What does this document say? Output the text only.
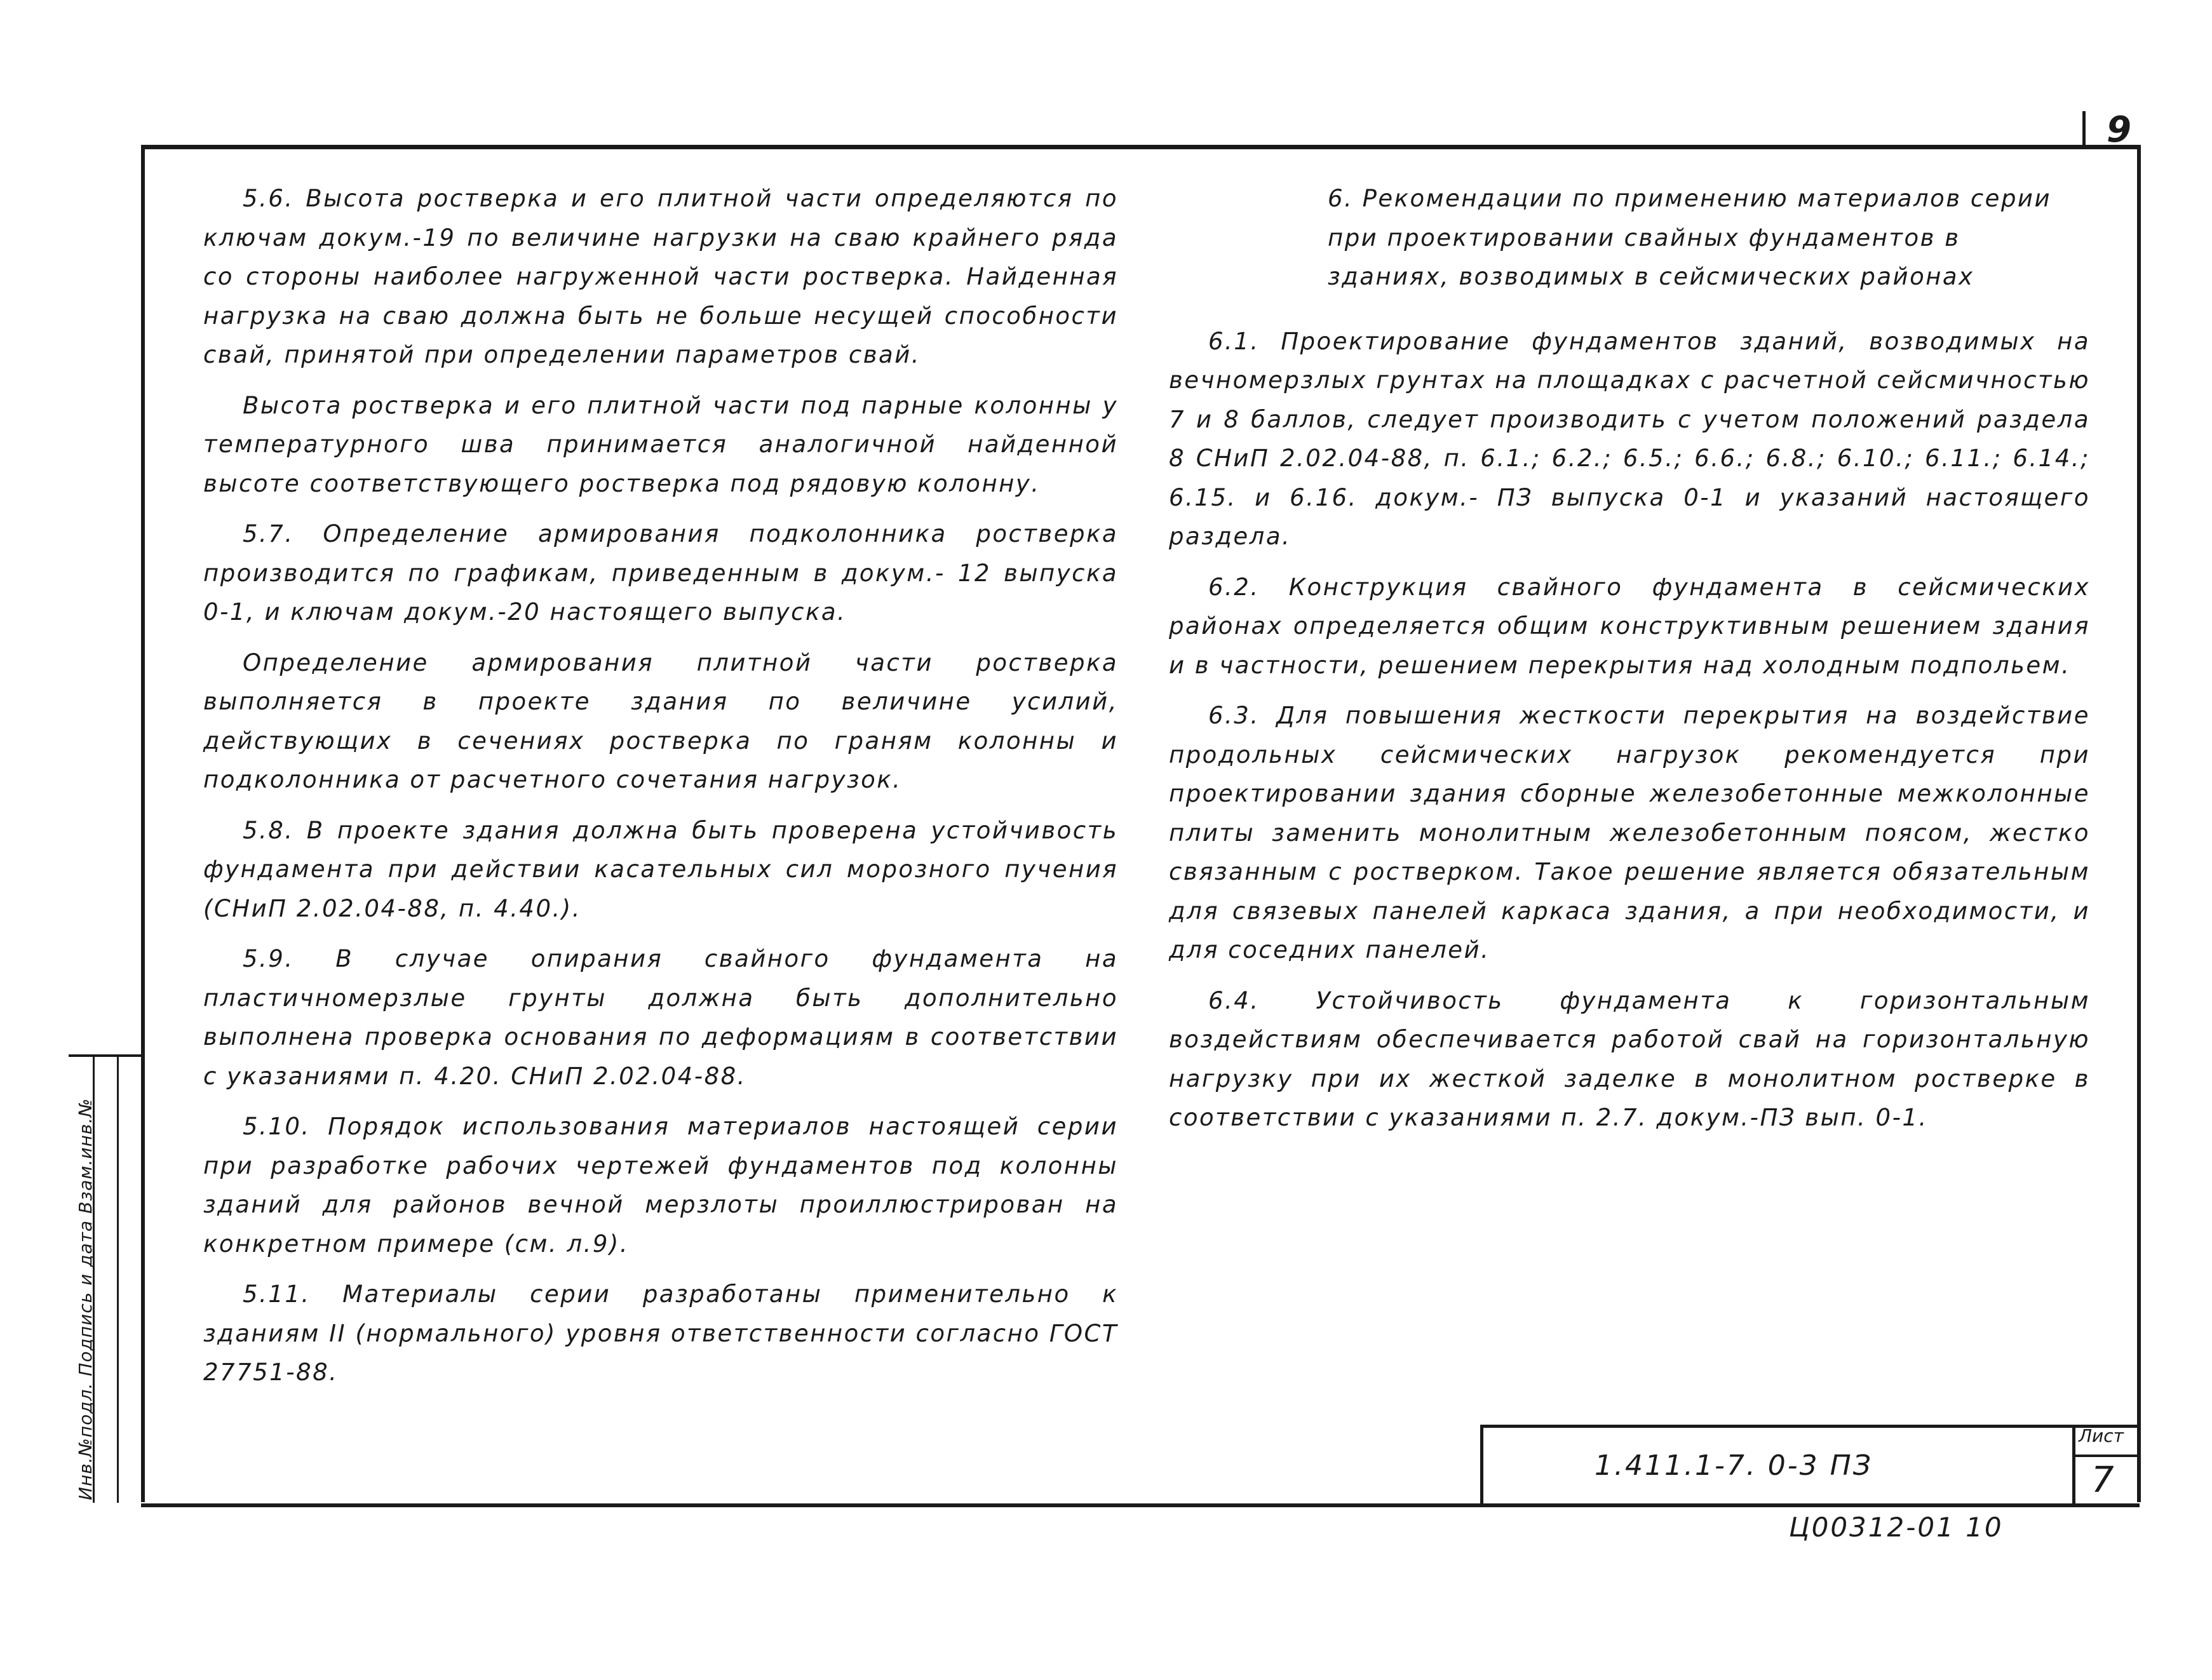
9
Инв.№подл. Подпись и дата Взам.инв.№

5.6. Высота ростверка и его плитной части определяются по ключам докум.-19 по величине нагрузки на сваю крайнего ряда со стороны наиболее нагруженной части ростверка. Найденная нагрузка на сваю должна быть не больше несущей способности свай, принятой при определении параметров свай.

Высота ростверка и его плитной части под парные колонны у температурного шва принимается аналогичной найденной высоте соответствующего ростверка под рядовую колонну.

5.7. Определение армирования подколонника ростверка производится по графикам, приведенным в докум.- 12 выпуска 0-1, и ключам докум.-20 настоящего выпуска.

Определение армирования плитной части ростверка выполняется в проекте здания по величине усилий, действующих в сечениях ростверка по граням колонны и подколонника от расчетного сочетания нагрузок.

5.8. В проекте здания должна быть проверена устойчивость фундамента при действии касательных сил морозного пучения (СНиП 2.02.04-88, п. 4.40.).

5.9. В случае опирания свайного фундамента на пластичномерзлые грунты должна быть дополнительно выполнена проверка основания по деформациям в соответствии с указаниями п. 4.20. СНиП 2.02.04-88.

5.10. Порядок использования материалов настоящей серии при разработке рабочих чертежей фундаментов под колонны зданий для районов вечной мерзлоты проиллюстрирован на конкретном примере (см. л.9).

5.11. Материалы серии разработаны применительно к зданиям II (нормального) уровня ответственности согласно ГОСТ 27751-88.

6. Рекомендации по применению материалов серии при проектировании свайных фундаментов в зданиях, возводимых в сейсмических районах

6.1. Проектирование фундаментов зданий, возводимых на вечномерзлых грунтах на площадках с расчетной сейсмичностью 7 и 8 баллов, следует производить с учетом положений раздела 8 СНиП 2.02.04-88, п. 6.1.; 6.2.; 6.5.; 6.6.; 6.8.; 6.10.; 6.11.; 6.14.; 6.15. и 6.16. докум.- ПЗ выпуска 0-1 и указаний настоящего раздела.

6.2. Конструкция свайного фундамента в сейсмических районах определяется общим конструктивным решением здания и в частности, решением перекрытия над холодным подпольем.

6.3. Для повышения жесткости перекрытия на воздействие продольных сейсмических нагрузок рекомендуется при проектировании здания сборные железобетонные межколонные плиты заменить монолитным железобетонным поясом, жестко связанным с ростверком. Такое решение является обязательным для связевых панелей каркаса здания, а при необходимости, и для соседних панелей.

6.4. Устойчивость фундамента к горизонтальным воздействиям обеспечивается работой свай на горизонтальную нагрузку при их жесткой заделке в монолитном ростверке в соответствии с указаниями п. 2.7. докум.-ПЗ вып. 0-1.

1.411.1-7. 0-3 ПЗ
Лист
7
Ц00312-01 10
